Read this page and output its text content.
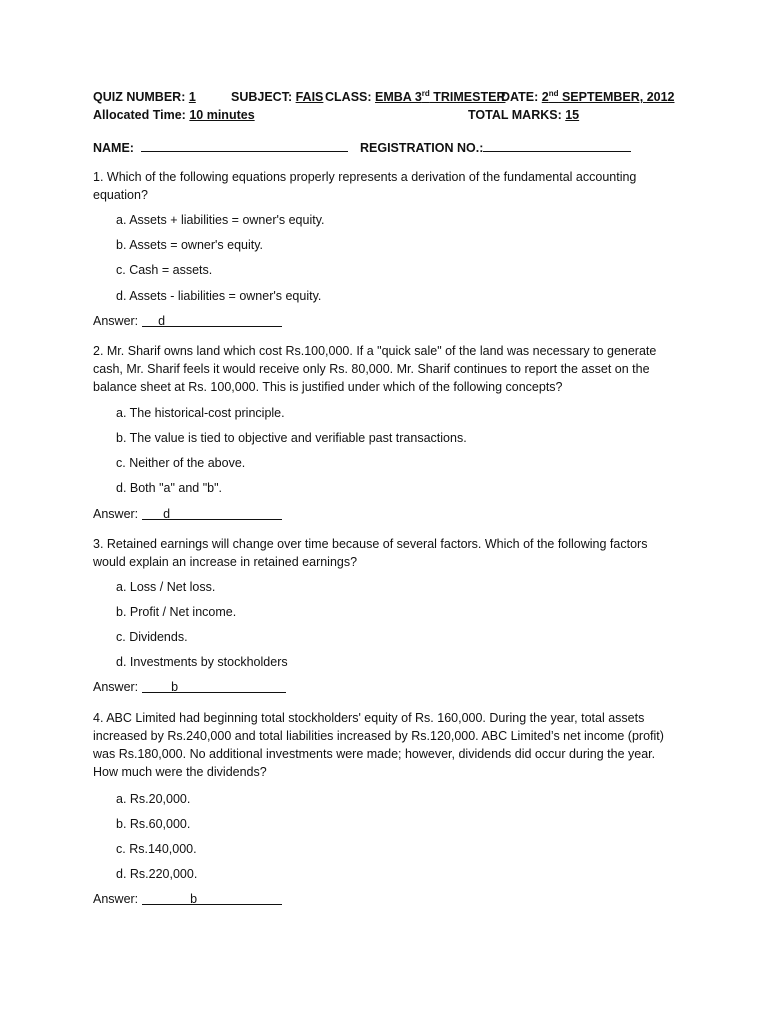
QUIZ NUMBER: 1	SUBJECT: FAIS CLASS: EMBA 3rd TRIMESTER
DATE: 2nd SEPTEMBER, 2012
Allocated Time: 10 minutes	TOTAL MARKS: 15
NAME:	REGISTRATION NO.:
1. Which of the following equations properly represents a derivation of the fundamental accounting equation?
a. Assets + liabilities = owner's equity.
b. Assets = owner's equity.
c. Cash = assets.
d. Assets - liabilities = owner's equity.
Answer: d
2. Mr. Sharif owns land which cost Rs.100,000. If a "quick sale" of the land was necessary to generate cash, Mr. Sharif feels it would receive only Rs. 80,000. Mr. Sharif continues to report the asset on the balance sheet at Rs. 100,000. This is justified under which of the following concepts?
a. The historical-cost principle.
b. The value is tied to objective and verifiable past transactions.
c. Neither of the above.
d. Both "a" and "b".
Answer: d
3. Retained earnings will change over time because of several factors. Which of the following factors would explain an increase in retained earnings?
a. Loss / Net loss.
b. Profit / Net income.
c. Dividends.
d. Investments by stockholders
Answer:	b
4. ABC Limited had beginning total stockholders' equity of Rs. 160,000. During the year, total assets increased by Rs.240,000 and total liabilities increased by Rs.120,000. ABC Limited’s net income (profit) was Rs.180,000. No additional investments were made; however, dividends did occur during the year. How much were the dividends?
a. Rs.20,000.
b. Rs.60,000.
c. Rs.140,000.
d. Rs.220,000.
Answer:	b
